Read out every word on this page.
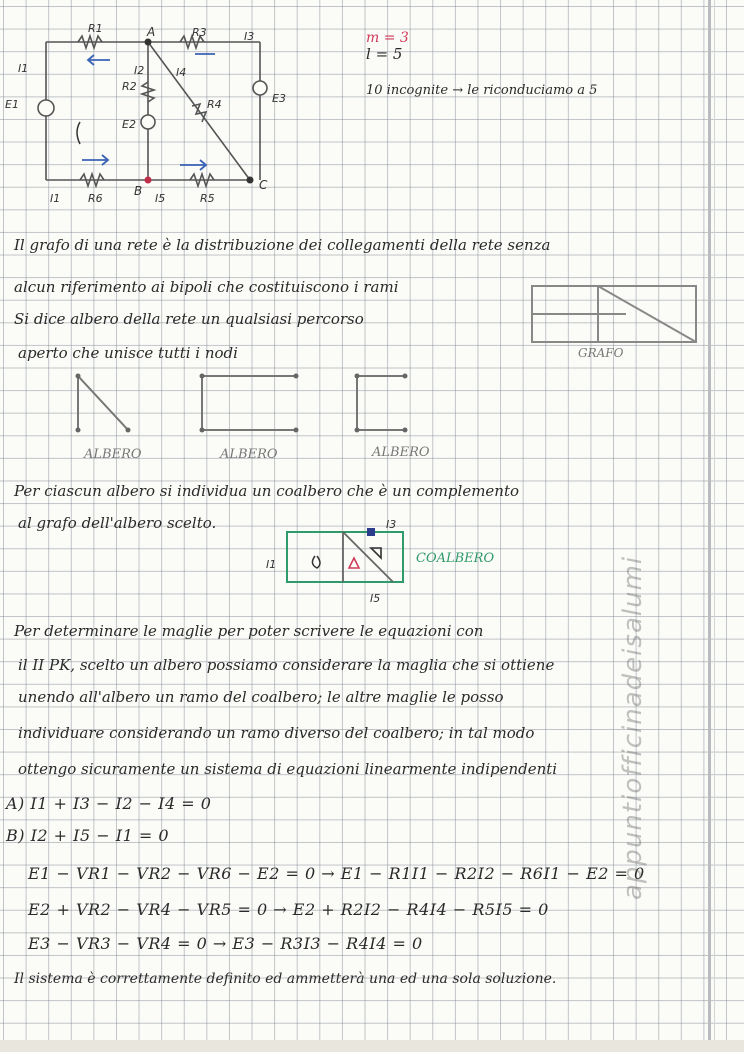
A
B	C
R1
R2
R3
R4
R5
R6
E1
E2
E3
I1
I1
I2
I3
I4
I5
m = 3
l = 5
10 incognite → le riconduciamo a 5
Il grafo di una rete è la distribuzione dei collegamenti della rete senza
alcun riferimento ai bipoli che costituiscono i rami
GRAFO
Si dice albero della rete un qualsiasi percorso
aperto che unisce tutti i nodi
ALBERO	ALBERO	ALBERO
Per ciascun albero si individua un coalbero che è un complemento
al grafo dell'albero scelto.
COALBERO
I1
I3
I5
Per determinare le maglie per poter scrivere le equazioni con
il II PK, scelto un albero possiamo considerare la maglia che si ottiene
unendo all'albero un ramo del coalbero; le altre maglie le posso
individuare considerando un ramo diverso del coalbero; in tal modo
ottengo sicuramente un sistema di equazioni linearmente indipendenti
A) I1 + I3 − I2 − I4 = 0
B) I2 + I5 − I1 = 0
E1 − VR1 − VR2 − VR6 − E2 = 0 → E1 − R1I1 − R2I2 − R6I1 − E2 = 0
E2 + VR2 − VR4 − VR5 = 0 → E2 + R2I2 − R4I4 − R5I5 = 0
E3 − VR3 − VR4 = 0 → E3 − R3I3 − R4I4 = 0
Il sistema è correttamente definito ed ammetterà una ed una sola soluzione.
appuntiofficinadeisalumi
